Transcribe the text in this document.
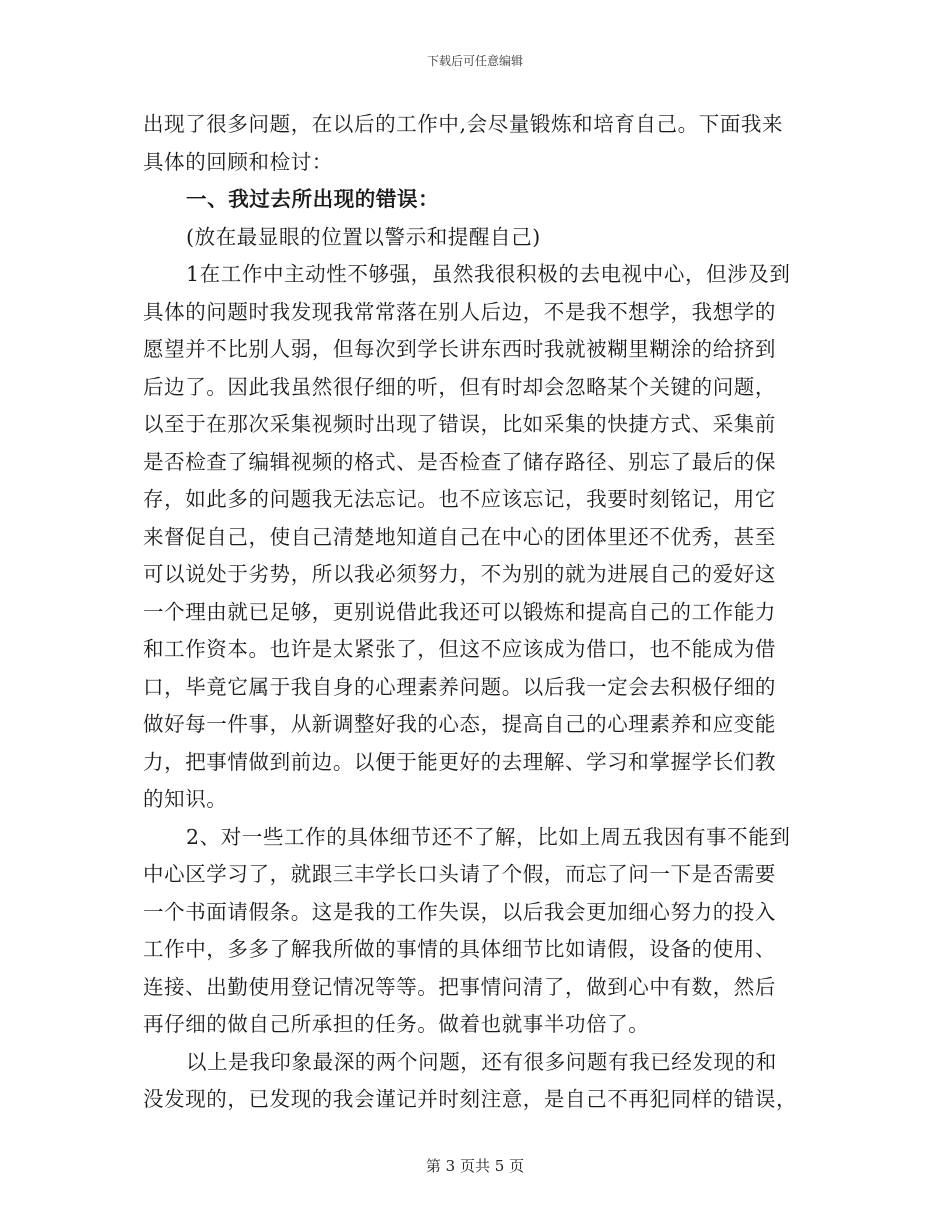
下载后可任意编辑
出现了很多问题，在以后的工作中,会尽量锻炼和培育自己。下面我来
具体的回顾和检讨：
一、我过去所出现的错误：
(放在最显眼的位置以警示和提醒自己)
1在工作中主动性不够强，虽然我很积极的去电视中心，但涉及到
具体的问题时我发现我常常落在别人后边，不是我不想学，我想学的
愿望并不比别人弱，但每次到学长讲东西时我就被糊里糊涂的给挤到
后边了。因此我虽然很仔细的听，但有时却会忽略某个关键的问题，
以至于在那次采集视频时出现了错误，比如采集的快捷方式、采集前
是否检查了编辑视频的格式、是否检查了储存路径、别忘了最后的保
存，如此多的问题我无法忘记。也不应该忘记，我要时刻铭记，用它
来督促自己，使自己清楚地知道自己在中心的团体里还不优秀，甚至
可以说处于劣势，所以我必须努力，不为别的就为进展自己的爱好这
一个理由就已足够，更别说借此我还可以锻炼和提高自己的工作能力
和工作资本。也许是太紧张了，但这不应该成为借口，也不能成为借
口，毕竟它属于我自身的心理素养问题。以后我一定会去积极仔细的
做好每一件事，从新调整好我的心态，提高自己的心理素养和应变能
力，把事情做到前边。以便于能更好的去理解、学习和掌握学长们教
的知识。
2、对一些工作的具体细节还不了解，比如上周五我因有事不能到
中心区学习了，就跟三丰学长口头请了个假，而忘了问一下是否需要
一个书面请假条。这是我的工作失误，以后我会更加细心努力的投入
工作中，多多了解我所做的事情的具体细节比如请假，设备的使用、
连接、出勤使用登记情况等等。把事情问清了，做到心中有数，然后
再仔细的做自己所承担的任务。做着也就事半功倍了。
以上是我印象最深的两个问题，还有很多问题有我已经发现的和
没发现的，已发现的我会谨记并时刻注意，是自己不再犯同样的错误，
第 3 页共 5 页
